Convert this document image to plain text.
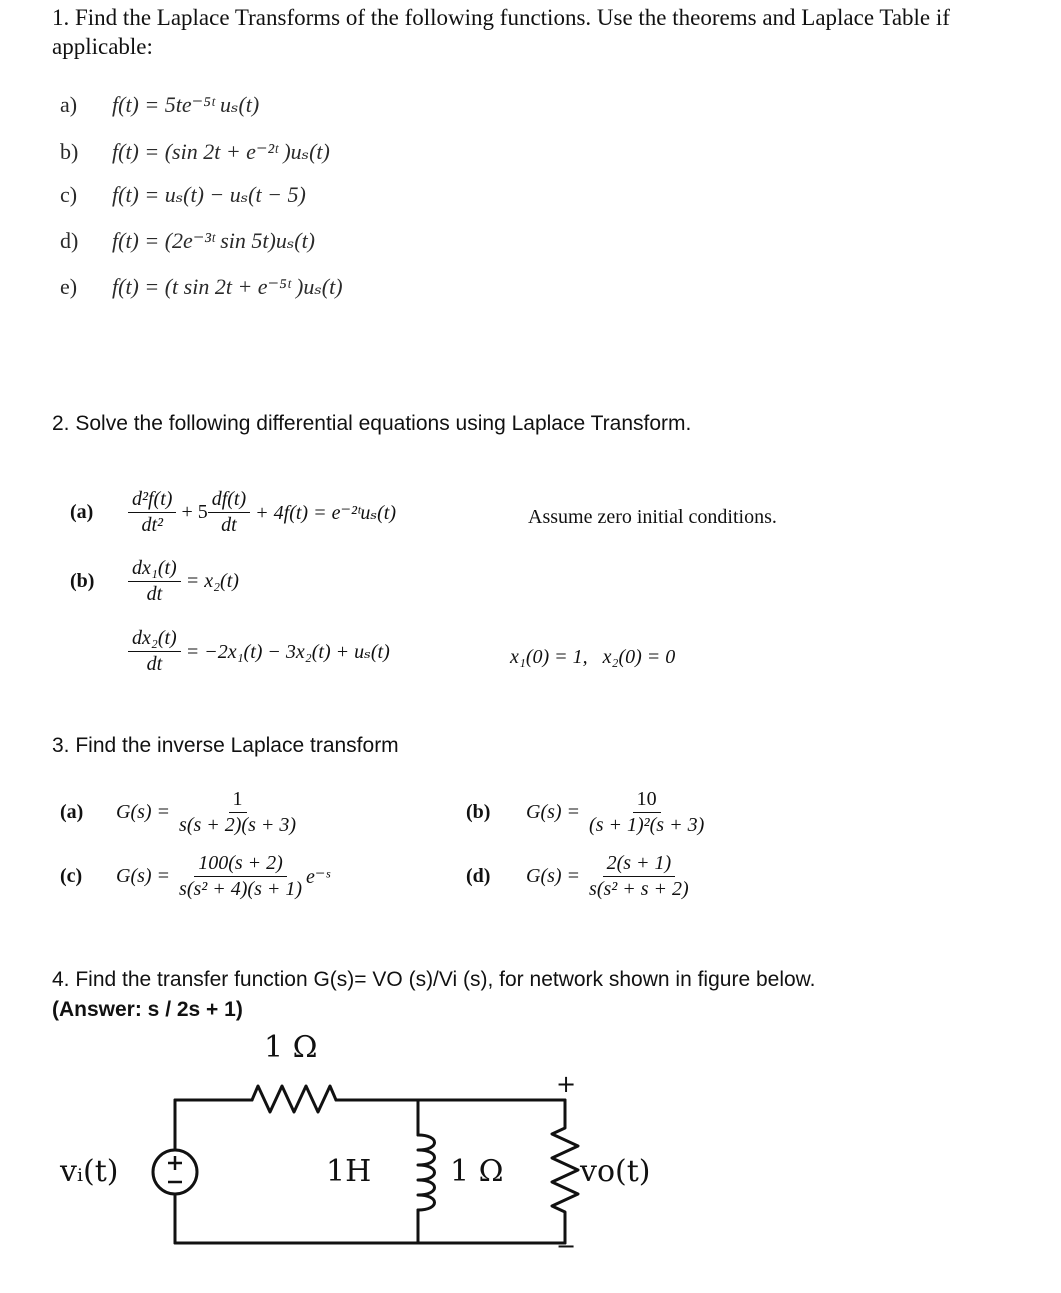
1. Find the Laplace Transforms of the following functions. Use the theorems and Laplace Table if
applicable:
a) f(t) = 5te⁻⁵ᵗ uₛ(t)
b) f(t) = (sin 2t + e⁻²ᵗ )uₛ(t)
c) f(t) = uₛ(t) − uₛ(t − 5)
d) f(t) = (2e⁻³ᵗ sin 5t)uₛ(t)
e) f(t) = (t sin 2t + e⁻⁵ᵗ )uₛ(t)
2. Solve the following differential equations using Laplace Transform.
$(a) \frac{\text{d²f(t)}}{\text{dt²}} + 5 \frac{df(t)}{dt} + 4f(t)$ = e⁻²ᵗuₛ(t)	Assume zero initial conditions.
$(b) \frac{\text{dx₁(t)}}{dt} = x_2(t)$
$\frac{\text{dx₂(t)}}{dt} = -2x_1(t) - 3x_2(t) + u_s(t)$	x₁(0) = 1,   x₂(0) = 0
3. Find the inverse Laplace transform
(a) $G(s) = \frac{1}{s(s + 2)(s + 3)}$	(b) $G(s) = \frac{10}{\text{(s + 1)²(s + 3)}}$
(c) $G(s) = \frac{100(s + 2)}{\text{s(s² + 4)(s + 1)}}$ e⁻ˢ	(d) $G(s) = \frac{2(s + 1)}{\text{s(s² + s + 2)}}$
4. Find the transfer function G(s)= VO (s)/Vi (s), for network shown in figure below.
(Answer: s / 2s + 1)
1 Ω
vᵢ(t)	1H	1 Ω	vo(t)
+
−
